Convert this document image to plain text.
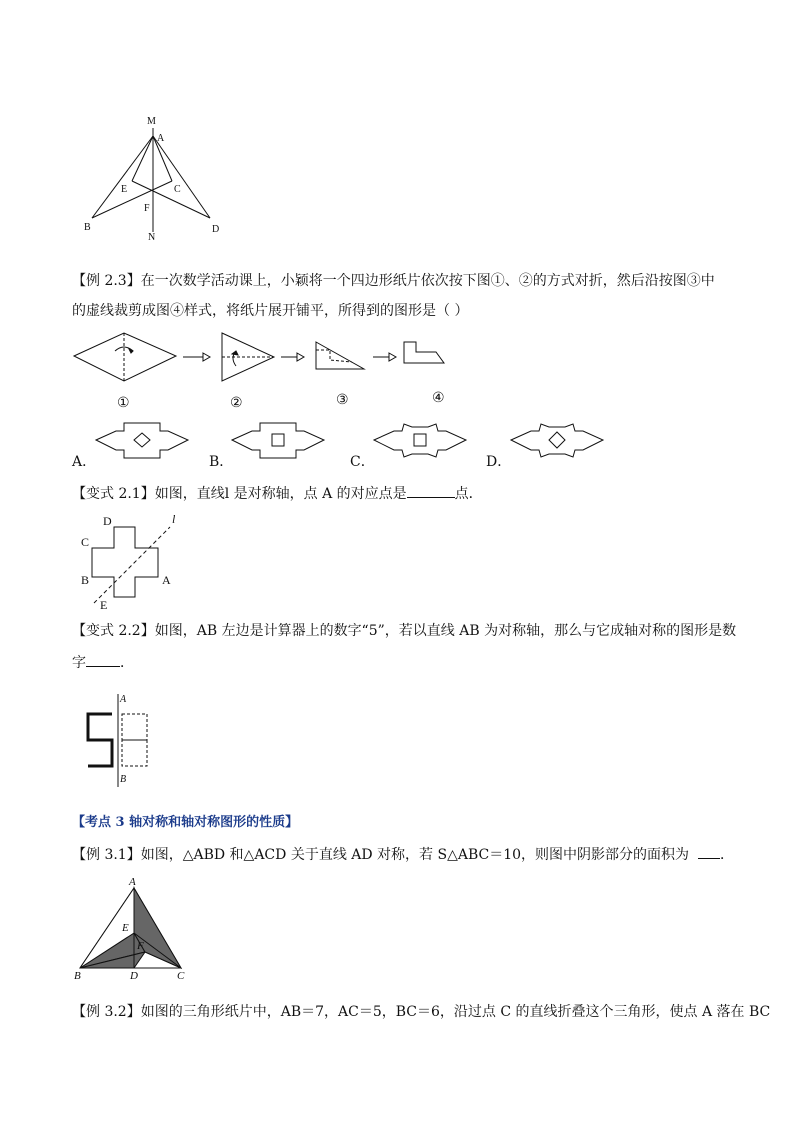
M
A
E	C
F
B
N
D
【例 2.3】在一次数学活动课上，小颖将一个四边形纸片依次按下图①、②的方式对折，然后沿按图③中
的虚线裁剪成图④样式，将纸片展开铺平，所得到的图形是（ ）
①	②	③	④
A．	B．	C．	D．
【变式 2.1】如图，直线l 是对称轴，点 A 的对应点是	点．
D
C
B	A
E
l
【变式 2.2】如图，AB 左边是计算器上的数字“5”，若以直线 AB 为对称轴，那么与它成轴对称的图形是数
字 ．
A
B
【考点 3 轴对称和轴对称图形的性质】
【例 3.1】如图，△ABD 和△ACD 关于直线 AD 对称，若 S△ABC＝10，则图中阴影部分的面积为 ．
A
E
F
B	D	C
【例 3.2】如图的三角形纸片中，AB＝7，AC＝5，BC＝6，沿过点 C 的直线折叠这个三角形，使点 A 落在 BC
